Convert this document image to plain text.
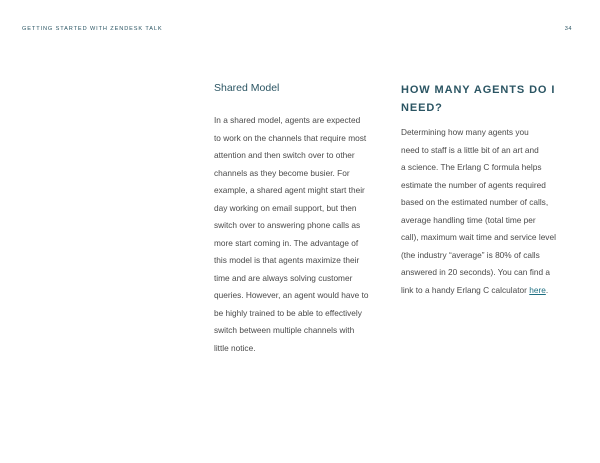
GETTING STARTED WITH ZENDESK TALK	34
Shared Model
In a shared model, agents are expected
to work on the channels that require most
attention and then switch over to other
channels as they become busier. For
example, a shared agent might start their
day working on email support, but then
switch over to answering phone calls as
more start coming in. The advantage of
this model is that agents maximize their
time and are always solving customer
queries. However, an agent would have to
be highly trained to be able to effectively
switch between multiple channels with
little notice.
HOW MANY AGENTS DO I
NEED?
Determining how many agents you
need to staff is a little bit of an art and
a science. The Erlang C formula helps
estimate the number of agents required
based on the estimated number of calls,
average handling time (total time per
call), maximum wait time and service level
(the industry “average” is 80% of calls
answered in 20 seconds). You can find a
link to a handy Erlang C calculator here.
